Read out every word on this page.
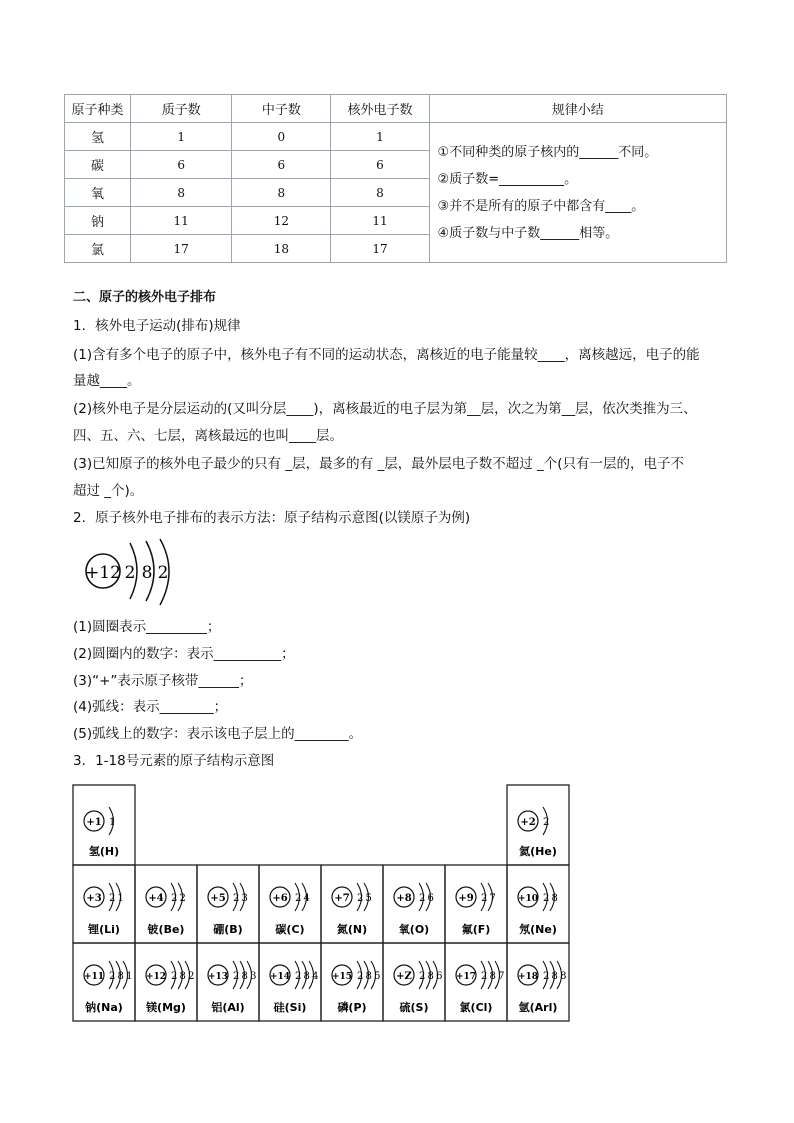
原子种类	质子数	中子数	核外电子数	规律小结
氢	1	0	1	①不同种类的原子核内的______不同。
②质子数=__________。
③并不是所有的原子中都含有____。
④质子数与中子数______相等。

碳	6	6	6	
氧	8	8	8	
钠	11	12	11	
氯	17	18	17	
二、原子的核外电子排布
1．核外电子运动(排布)规律
(1)含有多个电子的原子中，核外电子有不同的运动状态，离核近的电子能量较____，离核越远，电子的能
量越____。
(2)核外电子是分层运动的(又叫分层____)，离核最近的电子层为第__层，次之为第__层，依次类推为三、
四、五、六、七层，离核最远的也叫____层。
(3)已知原子的核外电子最少的只有 _层，最多的有 _层，最外层电子数不超过 _个(只有一层的，电子不
超过 _个)。
2．原子核外电子排布的表示方法：原子结构示意图(以镁原子为例)
+12 2 8 2
(1)圆圈表示_________；
(2)圆圈内的数字：表示__________；
(3)“+”表示原子核带______；
(4)弧线：表示________；
(5)弧线上的数字：表示该电子层上的________。
3．1-18号元素的原子结构示意图
+1 1
氢(H)
+2 2
氦(He)
+3 2 1
锂(Li)
+4 2 2
铍(Be)
+5 2 3
硼(B)
+6 2 4
碳(C)
+7 2 5
氮(N)
+8 2 6
氧(O)
+9 2 7
氟(F)
+10 2 8
氖(Ne)
+11 2 8 1
钠(Na)
+12 2 8 2
镁(Mg)
+13 2 8 3
铝(Al)
+14 2 8 4
硅(Si)
+15 2 8 5
磷(P)
+Z 2 8 6
硫(S)
+17 2 8 7
氯(Cl)
+18 2 8 8
氩(Arl)
